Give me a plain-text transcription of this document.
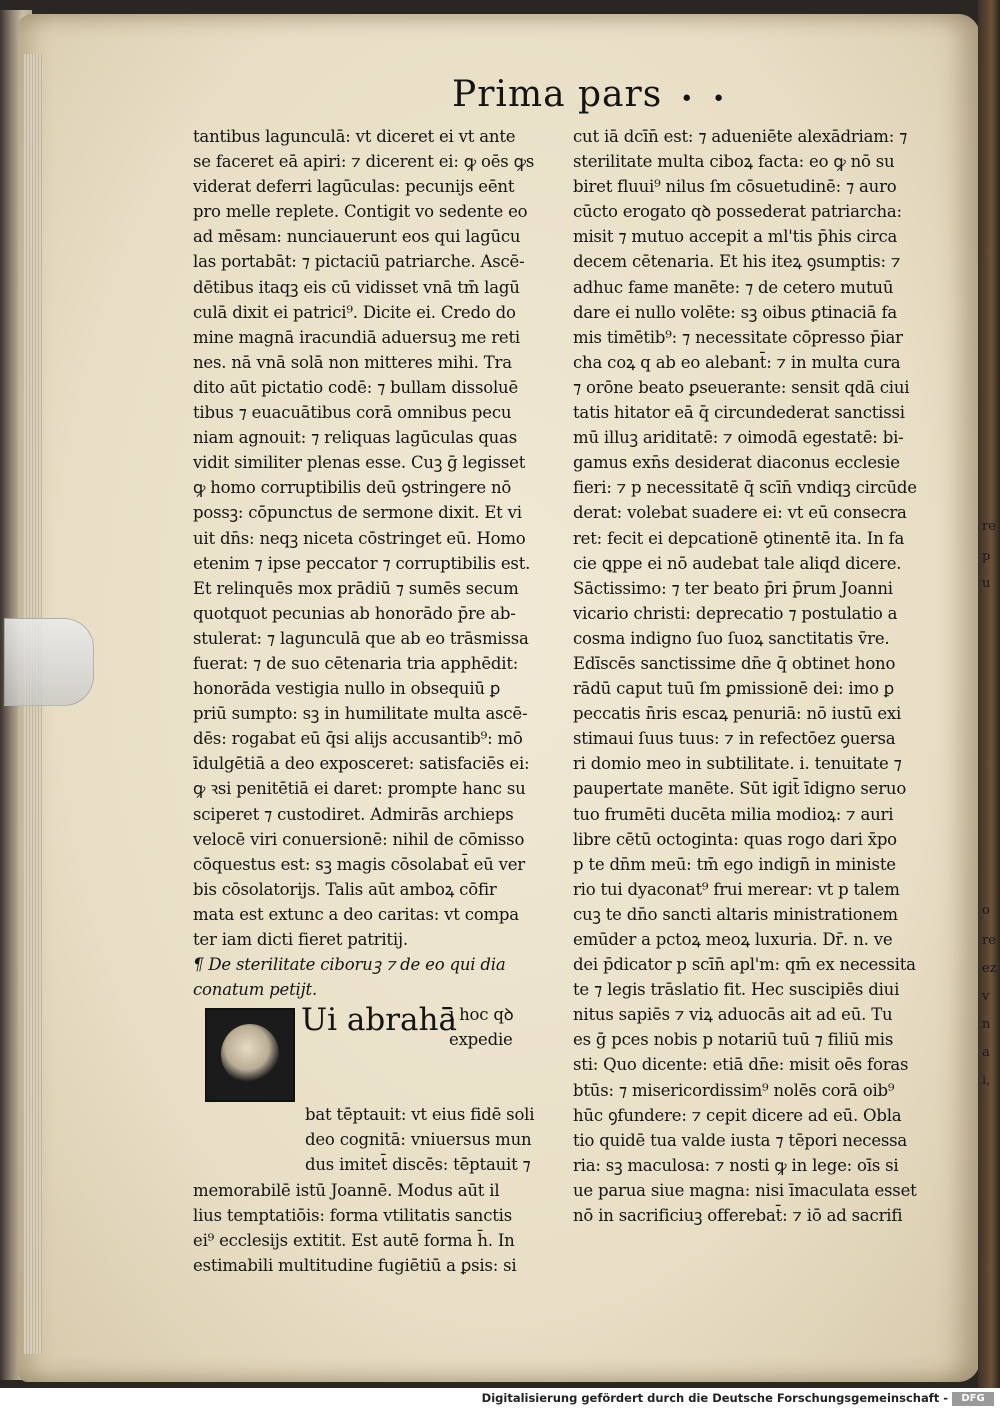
re
p
u
o
re
ez
v
n
a
i,
Prima pars • •
tantibus lagunculā: vt diceret ei vt ante
se faceret eā apiri: ⁊ dicerent ei: ꝙ oēs ꝙs
viderat deferri lagūculas: pecunijs eēnt
pro melle replete. Contigit vo sedente eo
ad mēsam: nunciauerunt eos qui lagūcu
las portabāt: ⁊ pictaciū patriarche. Ascē-
dētibus itaqꝫ eis cū vidisset vnā tm̄ lagū
culā dixit ei patrici⁹. Dicite ei. Credo do
mine magnā iracundiā aduersuꝫ me reti
nes. nā vnā solā non mitteres mihi. Tra
dito aūt pictatio codē: ⁊ bullam dissoluē
tibus ⁊ euacuātibus corā omnibus pecu
niam agnouit: ⁊ reliquas lagūculas quas
vidit similiter plenas esse. Cuꝫ ḡ legisset
ꝙ homo corruptibilis deū ꝯstringere nō
possꝫ: cōpunctus de sermone dixit. Et vi
uit dn̄s: neqꝫ niceta cōstringet eū. Homo
etenim ⁊ ipse peccator ⁊ corruptibilis est.
Et relinquēs mox prādiū ⁊ sumēs secum
quotquot pecunias ab honorādo p̄re ab-
stulerat: ⁊ lagunculā que ab eo trāsmissa
fuerat: ⁊ de suo cētenaria tria apphēdit:
honorāda vestigia nullo in obsequiū ꝑ
priū sumpto: sꝫ in humilitate multa ascē-
dēs: rogabat eū q̄si alijs accusantib⁹: mō
īdulgētiā a deo exposceret: satisfaciēs ei:
ꝙ ꝛsi penitētiā ei daret: prompte hanc su
sciperet ⁊ custodiret. Admirās archieps
velocē viri conuersionē: nihil de cōmisso
cōquestus est: sꝫ magis cōsolabat̄ eū ver
bis cōsolatorijs. Talis aūt amboꝝ cōfir
mata est extunc a deo caritas: vt compa
ter iam dicti fieret patritij.
¶ De sterilitate ciboruꝫ ⁊ de eo qui dia
conatum petijt.
Ui abrahā
i hoc qꝺ
expedie
bat tēptauit: vt eius fidē soli
deo cognitā: vniuersus mun
dus imitet̄ discēs: tēptauit ⁊
memorabilē istū Joannē. Modus aūt il
lius temptatiōis: forma vtilitatis sanctis
ei⁹ ecclesijs extitit. Est autē forma h̄. In
estimabili multitudine fugiētiū a ꝑsis: si
cut iā dcīn̄ est: ⁊ adueniēte alexādriam: ⁊
sterilitate multa ciboꝝ facta: eo ꝙ nō su
biret fluui⁹ nilus ſm cōsuetudinē: ⁊ auro
cūcto erogato qꝺ possederat patriarcha:
misit ⁊ mutuo accepit a ml'tis p̄his circa
decem cētenaria. Et his iteꝝ ꝯsumptis: ⁊
adhuc fame manēte: ⁊ de cetero mutuū
dare ei nullo volēte: sꝫ oibus ꝑtinaciā fa
mis timētib⁹: ⁊ necessitate cōpresso p̄iar
cha coꝝ q ab eo alebant̄: ⁊ in multa cura
⁊ orōne beato ꝑseuerante: sensit qdā ciui
tatis hitator eā q̄ circundederat sanctissi
mū illuꝫ ariditatē: ⁊ oimodā egestatē: bi-
gamus exn̄s desiderat diaconus ecclesie
fieri: ⁊ p necessitatē q̄ scīn̄ vndiqꝫ circūde
derat: volebat suadere ei: vt eū consecra
ret: fecit ei depcationē ꝯtinentē ita. In fa
cie ꝗppe ei nō audebat tale aliqd dicere.
Sāctissimo: ⁊ ter beato p̄ri p̄rum Joanni
vicario christi: deprecatio ⁊ postulatio a
cosma indigno ſuo ſuoꝝ sanctitatis v̄re.
Edīscēs sanctissime dn̄e q̄ obtinet hono
rādū caput tuū ſm ꝑmissionē dei: imo ꝑ
peccatis n̄ris escaꝝ penuriā: nō iustū exi
stimaui ſuus tuus: ⁊ in refectōez ꝯuersa
ri domio meo in subtilitate. i. tenuitate ⁊
paupertate manēte. Sūt igit̄ īdigno seruo
tuo frumēti ducēta milia modioꝝ: ⁊ auri
libre cētū octoginta: quas rogo dari x̄po
p te dn̄m meū: tm̄ ego indign̄ in ministe
rio tui dyaconat⁹ frui merear: vt p talem
cuꝫ te dn̄o sancti altaris ministrationem
emūder a pctoꝝ meoꝝ luxuria. Dr̄. n. ve
dei p̄dicator p scīn̄ apl'm: qm̄ ex necessita
te ⁊ legis trāslatio fit. Hec suscipiēs diui
nitus sapiēs ⁊ viꝝ aduocās ait ad eū. Tu
es ḡ pces nobis p notariū tuū ⁊ filiū mis
sti: Quo dicente: etiā dn̄e: misit oēs foras
btūs: ⁊ misericordissim⁹ nolēs corā oib⁹
hūc ꝯfundere: ⁊ cepit dicere ad eū. Obla
tio quidē tua valde iusta ⁊ tēpori necessa
ria: sꝫ maculosa: ⁊ nosti ꝙ in lege: oīs si
ue parua siue magna: nisi īmaculata esset
nō in sacrificiuꝫ offerebat̄: ⁊ iō ad sacrifi
Digitalisierung gefördert durch die Deutsche Forschungsgemeinschaft -	DFG
